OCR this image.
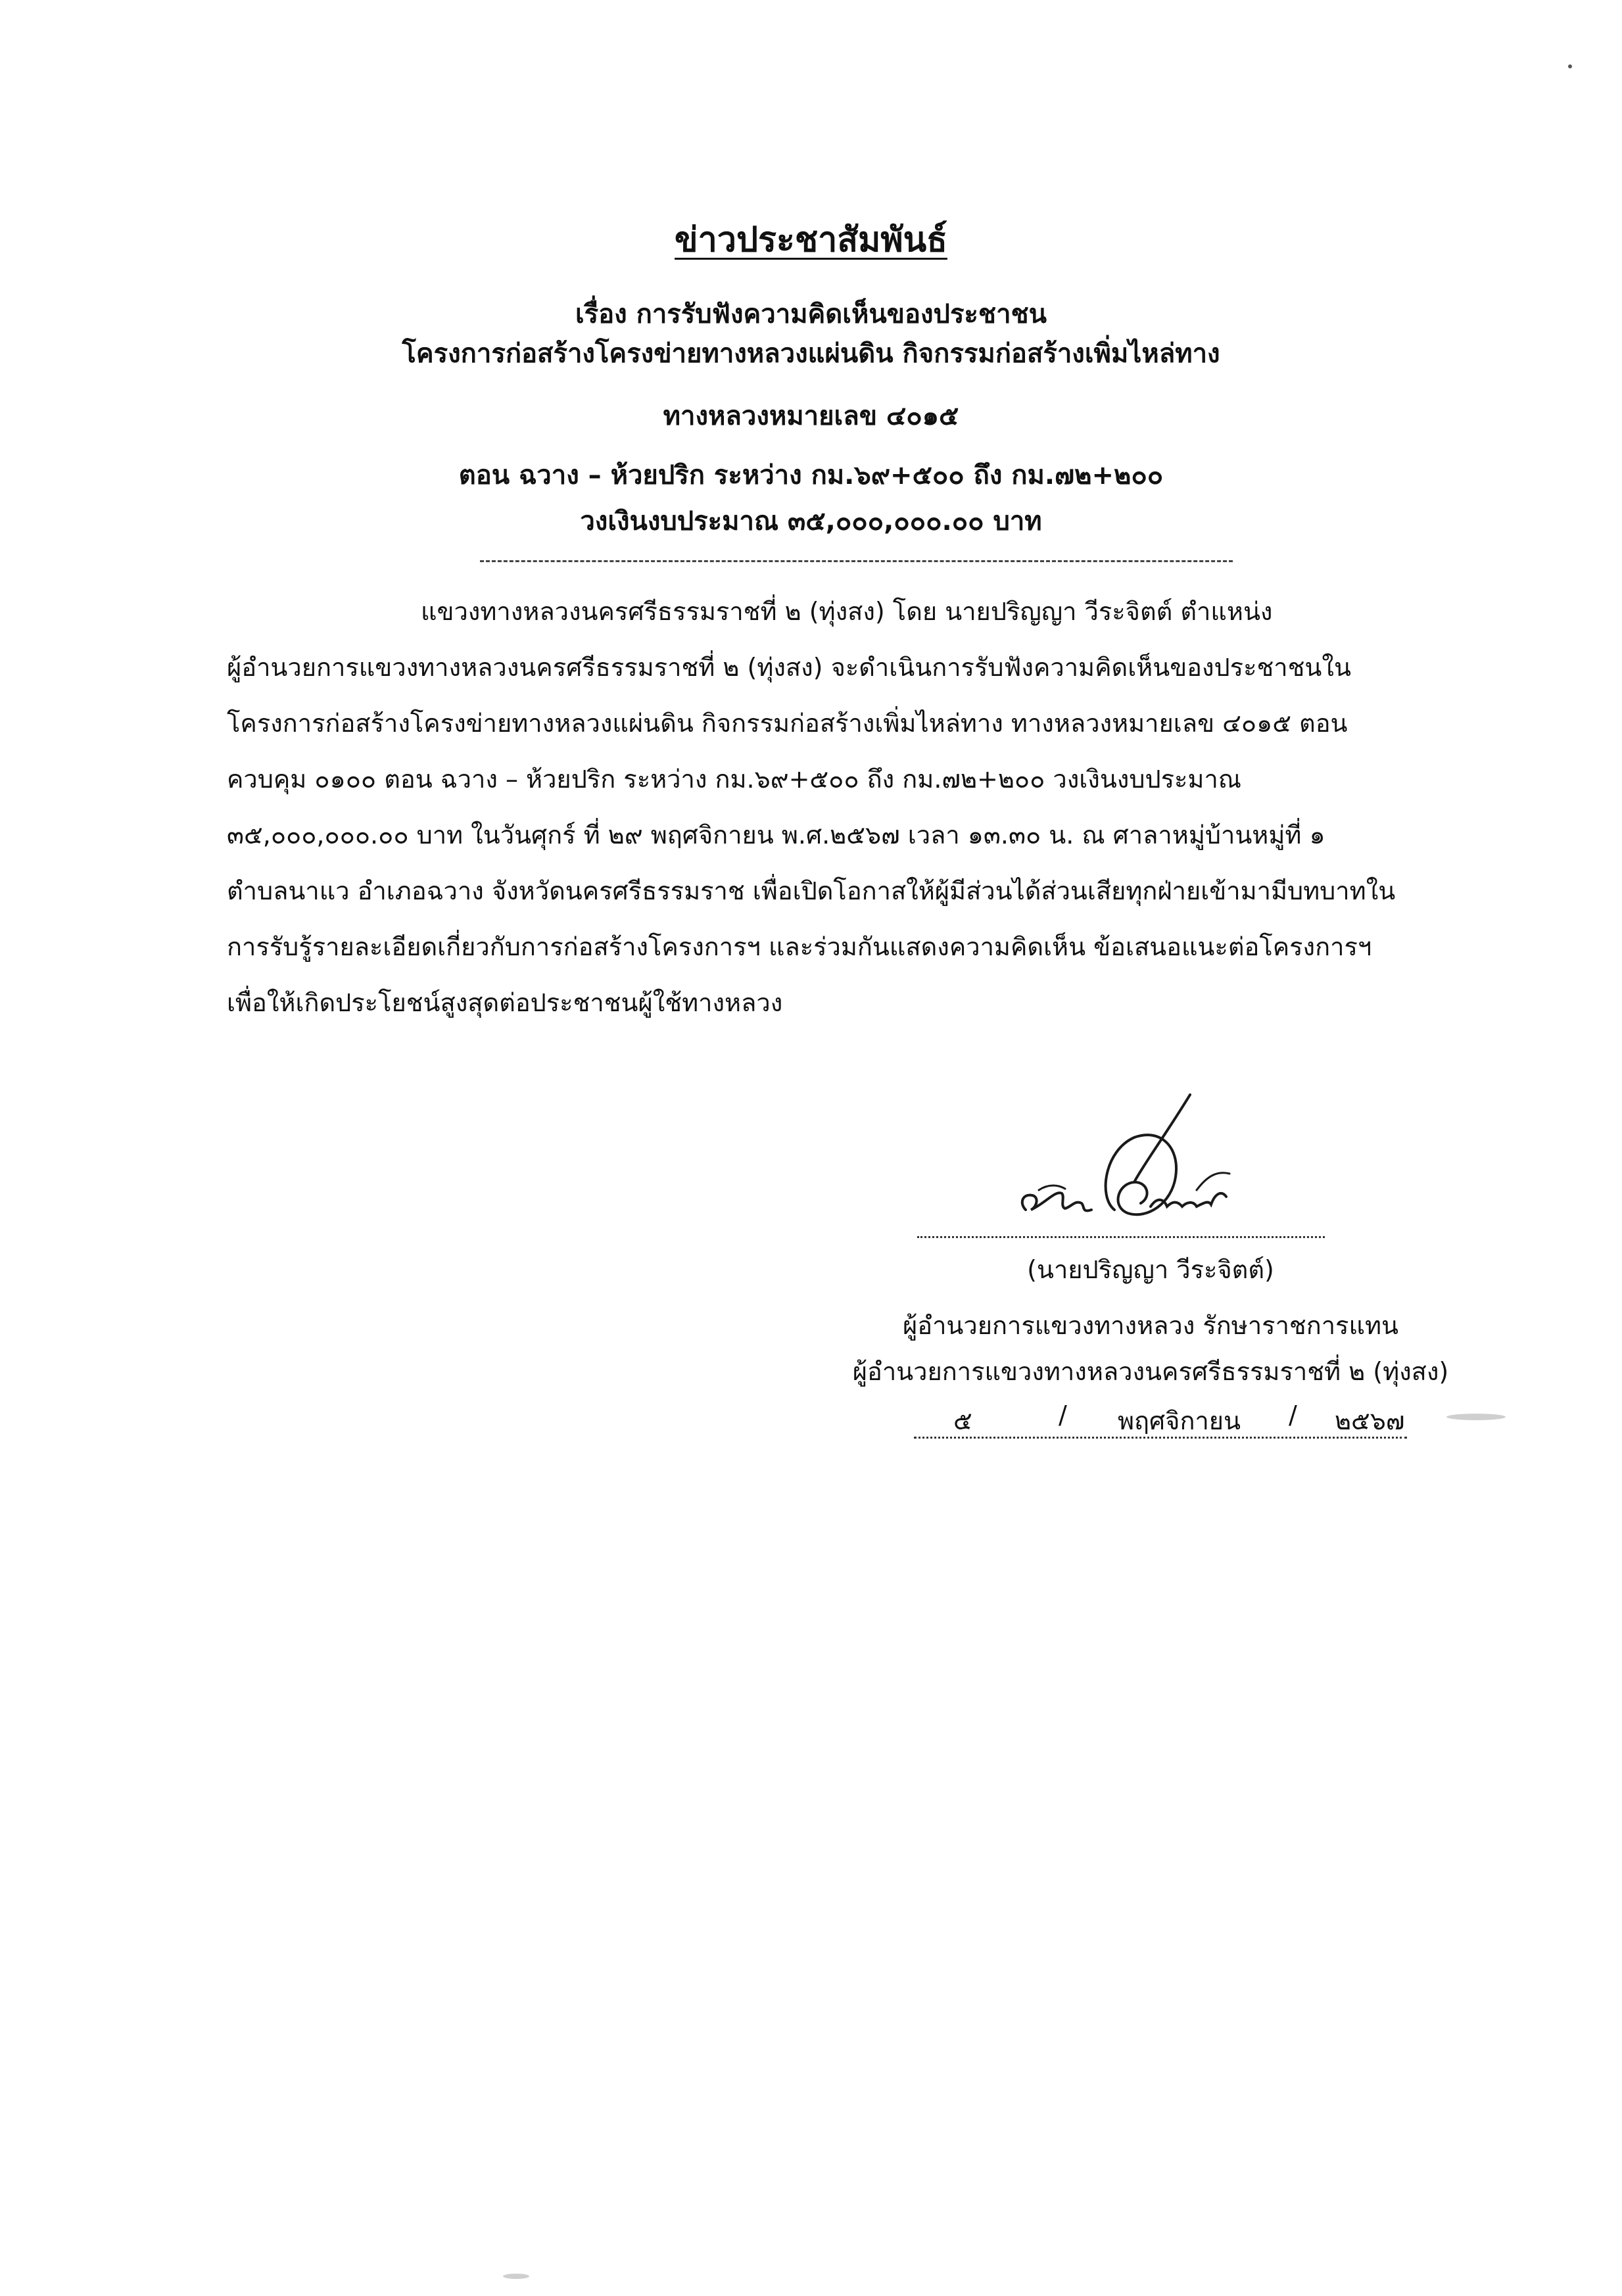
ข่าวประชาสัมพันธ์
เรื่อง การรับฟังความคิดเห็นของประชาชน
โครงการก่อสร้างโครงข่ายทางหลวงแผ่นดิน กิจกรรมก่อสร้างเพิ่มไหล่ทาง
ทางหลวงหมายเลข ๔๐๑๕
ตอน ฉวาง – ห้วยปริก ระหว่าง กม.๖๙+๕๐๐ ถึง กม.๗๒+๒๐๐
วงเงินงบประมาณ ๓๕,๐๐๐,๐๐๐.๐๐ บาท
แขวงทางหลวงนครศรีธรรมราชที่ ๒ (ทุ่งสง) โดย นายปริญญา วีระจิตต์ ตำแหน่ง
ผู้อำนวยการแขวงทางหลวงนครศรีธรรมราชที่ ๒ (ทุ่งสง) จะดำเนินการรับฟังความคิดเห็นของประชาชนใน
โครงการก่อสร้างโครงข่ายทางหลวงแผ่นดิน กิจกรรมก่อสร้างเพิ่มไหล่ทาง ทางหลวงหมายเลข ๔๐๑๕ ตอน
ควบคุม ๐๑๐๐ ตอน ฉวาง – ห้วยปริก ระหว่าง กม.๖๙+๕๐๐ ถึง กม.๗๒+๒๐๐ วงเงินงบประมาณ
๓๕,๐๐๐,๐๐๐.๐๐ บาท ในวันศุกร์ ที่ ๒๙ พฤศจิกายน พ.ศ.๒๕๖๗ เวลา ๑๓.๓๐ น. ณ ศาลาหมู่บ้านหมู่ที่ ๑
ตำบลนาแว อำเภอฉวาง จังหวัดนครศรีธรรมราช เพื่อเปิดโอกาสให้ผู้มีส่วนได้ส่วนเสียทุกฝ่ายเข้ามามีบทบาทใน
การรับรู้รายละเอียดเกี่ยวกับการก่อสร้างโครงการฯ และร่วมกันแสดงความคิดเห็น ข้อเสนอแนะต่อโครงการฯ
เพื่อให้เกิดประโยชน์สูงสุดต่อประชาชนผู้ใช้ทางหลวง
(นายปริญญา วีระจิตต์)
ผู้อำนวยการแขวงทางหลวง รักษาราชการแทน
ผู้อำนวยการแขวงทางหลวงนครศรีธรรมราชที่ ๒ (ทุ่งสง)
๕	/ พฤศจิกายน / ๒๕๖๗
